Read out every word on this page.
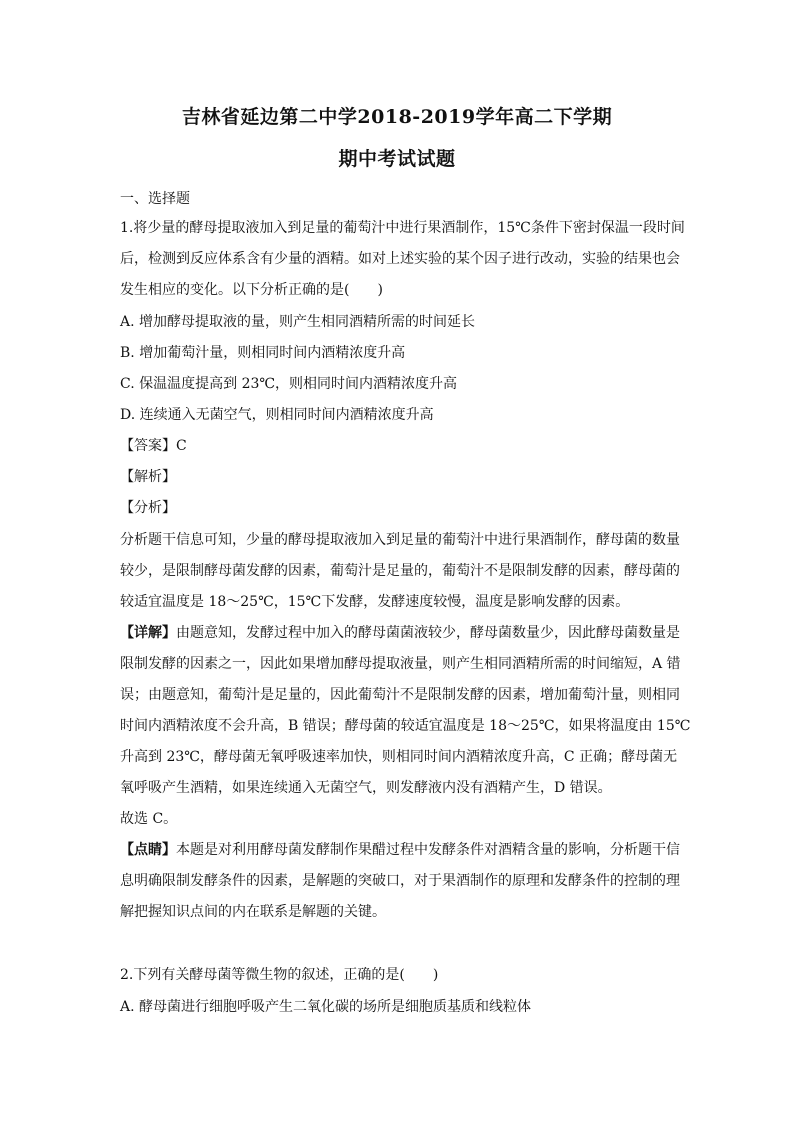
吉林省延边第二中学2018-2019学年高二下学期
期中考试试题
一、选择题
1.将少量的酵母提取液加入到足量的葡萄汁中进行果酒制作，15℃条件下密封保温一段时间
后，检测到反应体系含有少量的酒精。如对上述实验的某个因子进行改动，实验的结果也会
发生相应的变化。以下分析正确的是(　　)
A. 增加酵母提取液的量，则产生相同酒精所需的时间延长
B. 增加葡萄汁量，则相同时间内酒精浓度升高
C. 保温温度提高到 23℃，则相同时间内酒精浓度升高
D. 连续通入无菌空气，则相同时间内酒精浓度升高
【答案】C
【解析】
【分析】
分析题干信息可知，少量的酵母提取液加入到足量的葡萄汁中进行果酒制作，酵母菌的数量
较少，是限制酵母菌发酵的因素，葡萄汁是足量的，葡萄汁不是限制发酵的因素，酵母菌的
较适宜温度是 18～25℃，15℃下发酵，发酵速度较慢，温度是影响发酵的因素。
【详解】由题意知，发酵过程中加入的酵母菌菌液较少，酵母菌数量少，因此酵母菌数量是
限制发酵的因素之一，因此如果增加酵母提取液量，则产生相同酒精所需的时间缩短，A 错
误；由题意知，葡萄汁是足量的，因此葡萄汁不是限制发酵的因素，增加葡萄汁量，则相同
时间内酒精浓度不会升高，B 错误；酵母菌的较适宜温度是 18～25℃，如果将温度由 15℃
升高到 23℃，酵母菌无氧呼吸速率加快，则相同时间内酒精浓度升高，C 正确；酵母菌无
氧呼吸产生酒精，如果连续通入无菌空气，则发酵液内没有酒精产生，D 错误。
故选 C。
【点睛】本题是对利用酵母菌发酵制作果醋过程中发酵条件对酒精含量的影响，分析题干信
息明确限制发酵条件的因素，是解题的突破口，对于果酒制作的原理和发酵条件的控制的理
解把握知识点间的内在联系是解题的关键。
2.下列有关酵母菌等微生物的叙述，正确的是(　　)
A. 酵母菌进行细胞呼吸产生二氧化碳的场所是细胞质基质和线粒体
